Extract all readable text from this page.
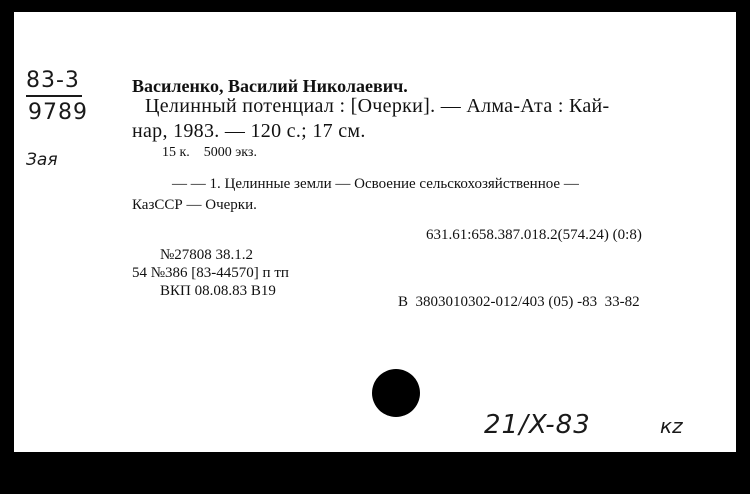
83-3
9789
Зая
Василенко, Василий Николаевич.
Целинный потенциал : [Очерки]. — Алма-Ата : Кай-
нар, 1983. — 120 с.; 17 см.
15 к.    5000 экз.
— — 1. Целинные земли — Освоение сельскохозяйственное —
КазССР — Очерки.
631.61:658.387.018.2(574.24) (0:8)
№27808 38.1.2
54 №386 [83-44570] п тп
ВКП 08.08.83 В19
В  3803010302-012/403 (05) -83  33-82
21/X-83	кz
